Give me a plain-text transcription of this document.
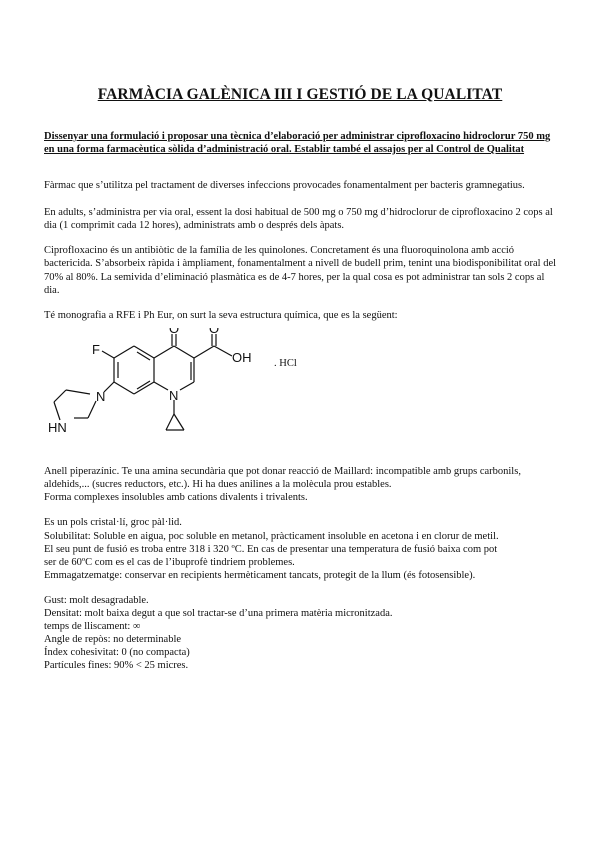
FARMÀCIA GALÈNICA III I GESTIÓ DE LA QUALITAT
Dissenyar una formulació i proposar una tècnica d’elaboració per administrar ciprofloxacino hidroclorur 750 mg en una forma farmacèutica sòlida d’administració oral. Establir també el assajos per al Control de Qualitat

Fàrmac que s’utilitza pel tractament de diverses infeccions provocades fonamentalment per bacteris gramnegatius.

En adults, s’administra per via oral, essent la dosi habitual de 500 mg o 750 mg d’hidroclorur de ciprofloxacino 2 cops al dia (1 comprimit cada 12 hores), administrats amb o després dels àpats.

Ciprofloxacino és un antibiòtic de la família de les quinolones. Concretament és una fluoroquinolona amb acció bactericida. S’absorbeix ràpida i àmpliament, fonamentalment a nivell de budell prim, tenint una biodisponibilitat oral del 70% al 80%. La semivida d’eliminació plasmàtica es de 4-7 hores, per la qual cosa es pot administrar tan sols 2 cops al dia.

Té monografia a RFE i Ph Eur, on surt la seva estructura química, que es la següent:

F
O O
OH
N
N
HN
. HCl

Anell piperazínic. Te una amina secundària que pot donar reacció de Maillard: incompatible amb grups carbonils, aldehids,... (sucres reductors, etc.). Hi ha dues anilines a la molècula prou estables.

Forma complexes insolubles amb cations divalents i trivalents.
Es un pols cristal·lí, groc pàl·lid.
Solubilitat: Soluble en aigua, poc soluble en metanol, pràcticament insoluble en acetona i en clorur de metil.
El seu punt de fusió es troba entre 318 i 320 ºC. En cas de presentar una temperatura de fusió baixa com pot
ser de 60ºC com es el cas de l’ibuprofè tindriem problemes.
Emmagatzematge: conservar en recipients hermèticament tancats, protegit de la llum (és fotosensible).
Gust: molt desagradable.
Densitat: molt baixa degut a que sol tractar-se d’una primera matèria micronitzada.
temps de lliscament: ∞
Angle de repòs: no determinable
Índex cohesivitat: 0 (no compacta)
Partícules fines: 90% < 25 micres.
